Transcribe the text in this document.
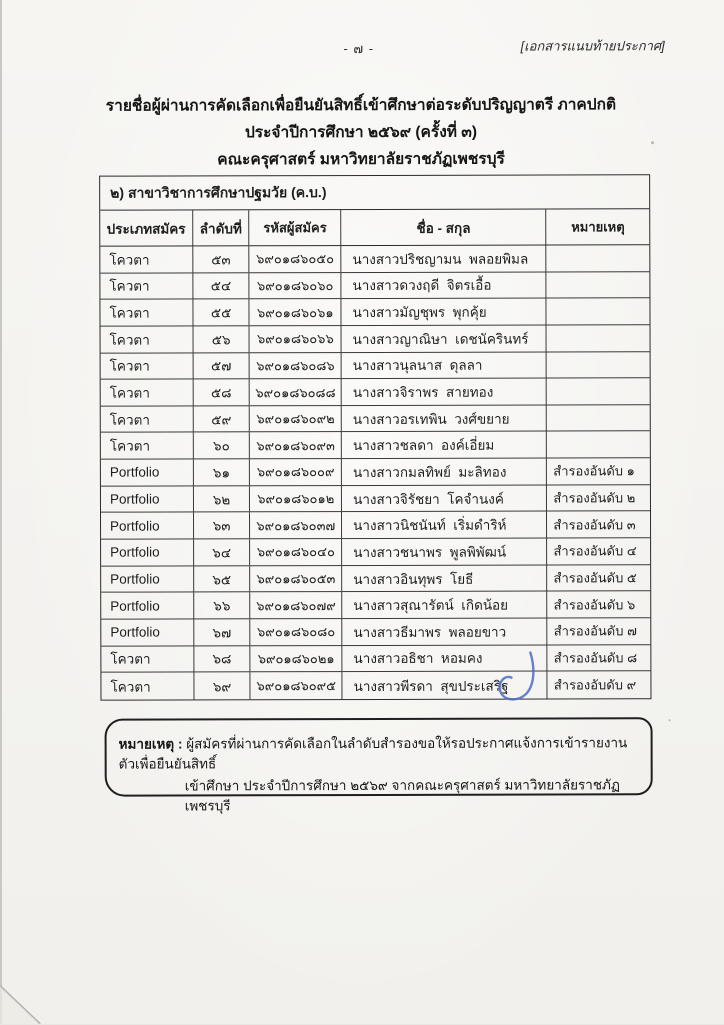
- ๗ -	[เอกสารแนบท้ายประกาศ]
รายชื่อผู้ผ่านการคัดเลือกเพื่อยืนยันสิทธิ์เข้าศึกษาต่อระดับปริญญาตรี ภาคปกติ
ประจำปีการศึกษา ๒๕๖๙ (ครั้งที่ ๓)
คณะครุศาสตร์ มหาวิทยาลัยราชภัฏเพชรบุรี
๒) สาขาวิชาการศึกษาปฐมวัย (ค.บ.)
ประเภทสมัคร	ลำดับที่	รหัสผู้สมัคร	ชื่อ - สกุล	หมายเหตุ
โควตา	๕๓	๖๙๐๑๘๖๐๕๐	นางสาวปริชญามน  พลอยพิมล
โควตา	๕๔	๖๙๐๑๘๖๐๖๐	นางสาวดวงฤดี  จิตรเอื้อ
โควตา	๕๕	๖๙๐๑๘๖๐๖๑	นางสาวมัญชุพร  พุกคุ้ย
โควตา	๕๖	๖๙๐๑๘๖๐๖๖	นางสาวญาณิษา  เดชนัครินทร์
โควตา	๕๗	๖๙๐๑๘๖๐๘๖	นางสาวนุลนาส  ดุลลา
โควตา	๕๘	๖๙๐๑๘๖๐๘๘	นางสาวจิราพร  สายทอง
โควตา	๕๙	๖๙๐๑๘๖๐๙๒	นางสาวอรเทพิน  วงศ์ขยาย
โควตา	๖๐	๖๙๐๑๘๖๐๙๓	นางสาวชลดา  องค์เอี่ยม
Portfolio	๖๑	๖๙๐๑๘๖๐๐๙	นางสาวกมลทิพย์  มะลิทอง	สำรองอันดับ ๑
Portfolio	๖๒	๖๙๐๑๘๖๐๑๒	นางสาวจิรัชยา  โคจำนงค์	สำรองอันดับ ๒
Portfolio	๖๓	๖๙๐๑๘๖๐๓๗	นางสาวนิชนันท์  เริ่มดำริห์	สำรองอันดับ ๓
Portfolio	๖๔	๖๙๐๑๘๖๐๔๐	นางสาวชนาพร  พูลพิพัฒน์	สำรองอันดับ ๔
Portfolio	๖๕	๖๙๐๑๘๖๐๕๓	นางสาวอินทุพร  โยธี	สำรองอันดับ ๕
Portfolio	๖๖	๖๙๐๑๘๖๐๗๙	นางสาวสุณารัตน์  เกิดน้อย	สำรองอันดับ ๖
Portfolio	๖๗	๖๙๐๑๘๖๐๘๐	นางสาวธีมาพร  พลอยขาว	สำรองอันดับ ๗
โควตา	๖๘	๖๙๐๑๘๖๐๒๑	นางสาวอธิชา  หอมคง	สำรองอันดับ ๘
โควตา	๖๙	๖๙๐๑๘๖๐๙๕	นางสาวพีรดา  สุขประเสริฐ	สำรองอับดับ ๙
หมายเหตุ : ผู้สมัครที่ผ่านการคัดเลือกในลำดับสำรองขอให้รอประกาศแจ้งการเข้ารายงานตัวเพื่อยืนยันสิทธิ์
เข้าศึกษา ประจำปีการศึกษา ๒๕๖๙ จากคณะครุศาสตร์ มหาวิทยาลัยราชภัฏเพชรบุรี
